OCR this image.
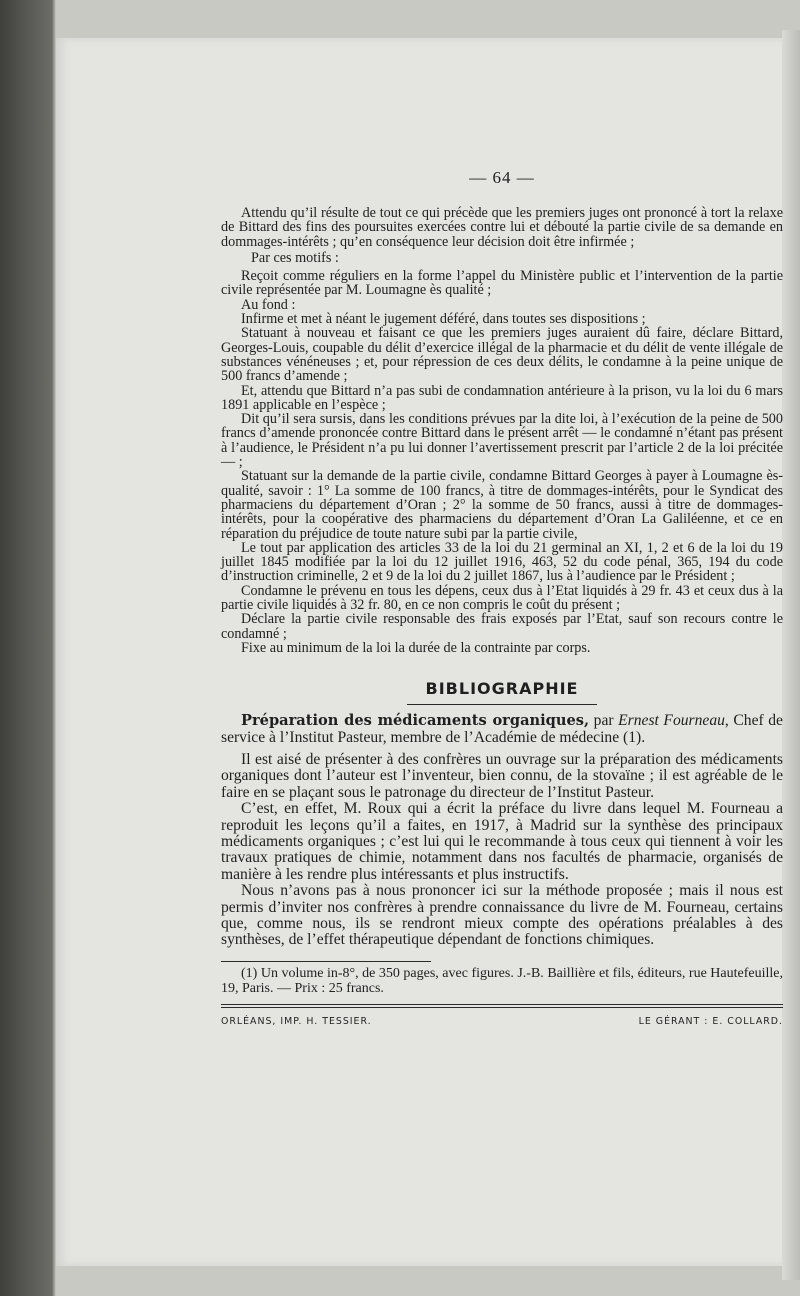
— 64 —

Attendu qu’il résulte de tout ce qui précède que les premiers juges ont prononcé à tort la relaxe de Bittard des fins des poursuites exercées contre lui et débouté la partie civile de sa demande en dommages-intérêts ; qu’en conséquence leur décision doit être infirmée ;

Par ces motifs :

Reçoit comme réguliers en la forme l’appel du Ministère public et l’intervention de la partie civile représentée par M. Loumagne ès qualité ;

Au fond :

Infirme et met à néant le jugement déféré, dans toutes ses dispositions ;

Statuant à nouveau et faisant ce que les premiers juges auraient dû faire, déclare Bittard, Georges-Louis, coupable du délit d’exercice illégal de la pharmacie et du délit de vente illégale de substances vénéneuses ; et, pour répression de ces deux délits, le condamne à la peine unique de 500 francs d’amende ;

Et, attendu que Bittard n’a pas subi de condamnation antérieure à la prison, vu la loi du 6 mars 1891 applicable en l’espèce ;

Dit qu’il sera sursis, dans les conditions prévues par la dite loi, à l’exécution de la peine de 500 francs d’amende prononcée contre Bittard dans le présent arrêt — le condamné n’étant pas présent à l’audience, le Président n’a pu lui donner l’avertissement prescrit par l’article 2 de la loi précitée — ;

Statuant sur la demande de la partie civile, condamne Bittard Georges à payer à Loumagne ès-qualité, savoir : 1° La somme de 100 francs, à titre de dommages-intérêts, pour le Syndicat des pharmaciens du département d’Oran ; 2° la somme de 50 francs, aussi à titre de dommages-intérêts, pour la coopérative des pharmaciens du département d’Oran La Galiléenne, et ce en réparation du préjudice de toute nature subi par la partie civile,

Le tout par application des articles 33 de la loi du 21 germinal an XI, 1, 2 et 6 de la loi du 19 juillet 1845 modifiée par la loi du 12 juillet 1916, 463, 52 du code pénal, 365, 194 du code d’instruction criminelle, 2 et 9 de la loi du 2 juillet 1867, lus à l’audience par le Président ;

Condamne le prévenu en tous les dépens, ceux dus à l’Etat liquidés à 29 fr. 43 et ceux dus à la partie civile liquidés à 32 fr. 80, en ce non compris le coût du présent ;

Déclare la partie civile responsable des frais exposés par l’Etat, sauf son recours contre le condamné ;

Fixe au minimum de la loi la durée de la contrainte par corps.

BIBLIOGRAPHIE

Préparation des médicaments organiques, par Ernest Fourneau, Chef de service à l’Institut Pasteur, membre de l’Académie de médecine (1).

Il est aisé de présenter à des confrères un ouvrage sur la préparation des médicaments organiques dont l’auteur est l’inventeur, bien connu, de la stovaïne ; il est agréable de le faire en se plaçant sous le patronage du directeur de l’Institut Pasteur.

C’est, en effet, M. Roux qui a écrit la préface du livre dans lequel M. Fourneau a reproduit les leçons qu’il a faites, en 1917, à Madrid sur la synthèse des principaux médicaments organiques ; c’est lui qui le recommande à tous ceux qui tiennent à voir les travaux pratiques de chimie, notamment dans nos facultés de pharmacie, organisés de manière à les rendre plus intéressants et plus instructifs.

Nous n’avons pas à nous prononcer ici sur la méthode proposée ; mais il nous est permis d’inviter nos confrères à prendre connaissance du livre de M. Fourneau, certains que, comme nous, ils se rendront mieux compte des opérations préalables à des synthèses, de l’effet thérapeutique dépendant de fonctions chimiques.

(1) Un volume in-8°, de 350 pages, avec figures. J.-B. Baillière et fils, éditeurs, rue Hautefeuille, 19, Paris. — Prix : 25 francs.

ORLÉANS, IMP. H. TESSIER.	LE GÉRANT : E. COLLARD.
